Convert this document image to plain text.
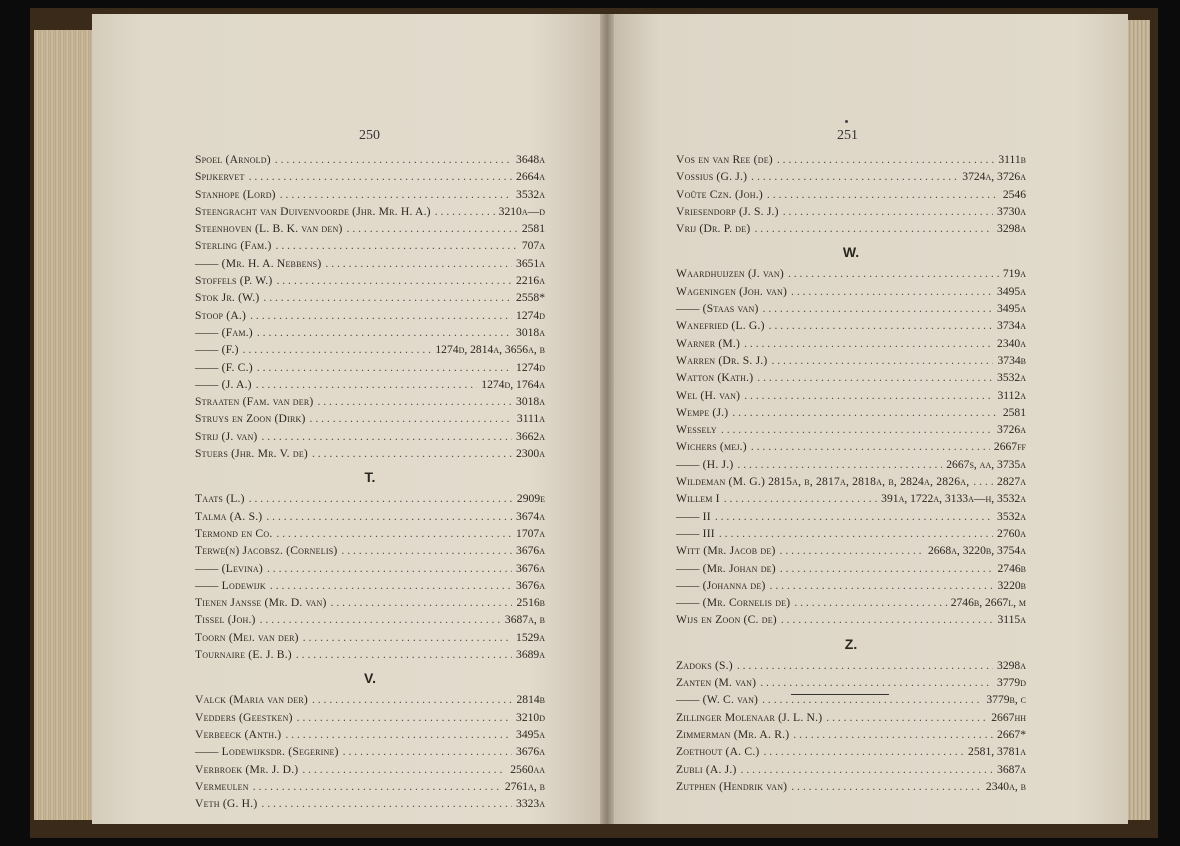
250	251
Spoel (Arnold) . . .	3648a
Spijkervet . . .	2664a
Stanhope (Lord) . . .	3532a
Steengracht van Duivenvoorde (Jhr. Mr. H. A.) . . .	3210a—d
Steenhoven (L. B. K. van den) . . .	2581
Sterling (Fam.) . . .	707a
—— (Mr. H. A. Nebbens) . . .	3651a
Stoffels (P. W.) . . .	2216a
Stok Jr. (W.) . . .	2558*
Stoop (A.) . . .	1274d
—— (Fam.) . . .	3018a
—— (F.) . . .	1274d, 2814a, 3656a, b
—— (F. C.) . . .	1274d
—— (J. A.) . . .	1274d, 1764a
Straaten (Fam. van der) . . .	3018a
Struys en Zoon (Dirk) . . .	3111a
Strij (J. van) . . .	3662a
Stuers (Jhr. Mr. V. de) . . .	2300a
T.
Taats (L.) . . .	2909e
Talma (A. S.) . . .	3674a
Termond en Co. . . .	1707a
Terwe(n) Jacobsz. (Cornelis) . . .	3676a
—— (Levina) . . .	3676a
—— Lodewijk . . .	3676a
Tienen Jansse (Mr. D. van) . . .	2516b
Tissel (Joh.) . . .	3687a, b
Toorn (Mej. van der) . . .	1529a
Tournaire (E. J. B.) . . .	3689a
V.
Valck (Maria van der) . . .	2814b
Vedders (Geestken) . . .	3210d
Verbeeck (Anth.) . . .	3495a
—— Lodewijksdr. (Segerine) . . .	3676a
Verbroek (Mr. J. D.) . . .	2560aa
Vermeulen . . .	2761a, b
Veth (G. H.) . . .	3323a
Vos en van Ree (de) . . .	3111b
Vossius (G. J.) . . .	3724a, 3726a
Voûte Czn. (Joh.) . . .	2546
Vriesendorp (J. S. J.) . . .	3730a
Vrij (Dr. P. de) . . .	3298a
W.
Waardhuijzen (J. van) . . .	719a
Wageningen (Joh. van) . . .	3495a
—— (Staas van) . . .	3495a
Wanefried (L. G.) . . .	3734a
Warner (M.) . . .	2340a
Warren (Dr. S. J.) . . .	3734b
Watton (Kath.) . . .	3532a
Wel (H. van) . . .	3112a
Wempe (J.) . . .	2581
Wessely . . .	3726a
Wichers (mej.) . . .	2667ff
—— (H. J.) . . .	2667s, aa, 3735a
Wildeman (M. G.) 2815a, b, 2817a, 2818a, b, 2824a, 2826a, . . . 2827a
Willem I . . .	391a, 1722a, 3133a—h, 3532a
—— II . . .	3532a
—— III . . .	2760a
Witt (Mr. Jacob de) . . .	2668a, 3220b, 3754a
—— (Mr. Johan de) . . .	2746b
—— (Johanna de) . . .	3220b
—— (Mr. Cornelis de) . . .	2746b, 2667l, m
Wijs en Zoon (C. de) . . .	3115a
Z.
Zadoks (S.) . . .	3298a
Zanten (M. van) . . .	3779d
—— (W. C. van) . . .	3779b, c
Zillinger Molenaar (J. L. N.) . . .	2667hh
Zimmerman (Mr. A. R.) . . .	2667*
Zoethout (A. C.) . . .	2581, 3781a
Zubli (A. J.) . . .	3687a
Zutphen (Hendrik van) . . .	2340a, b
